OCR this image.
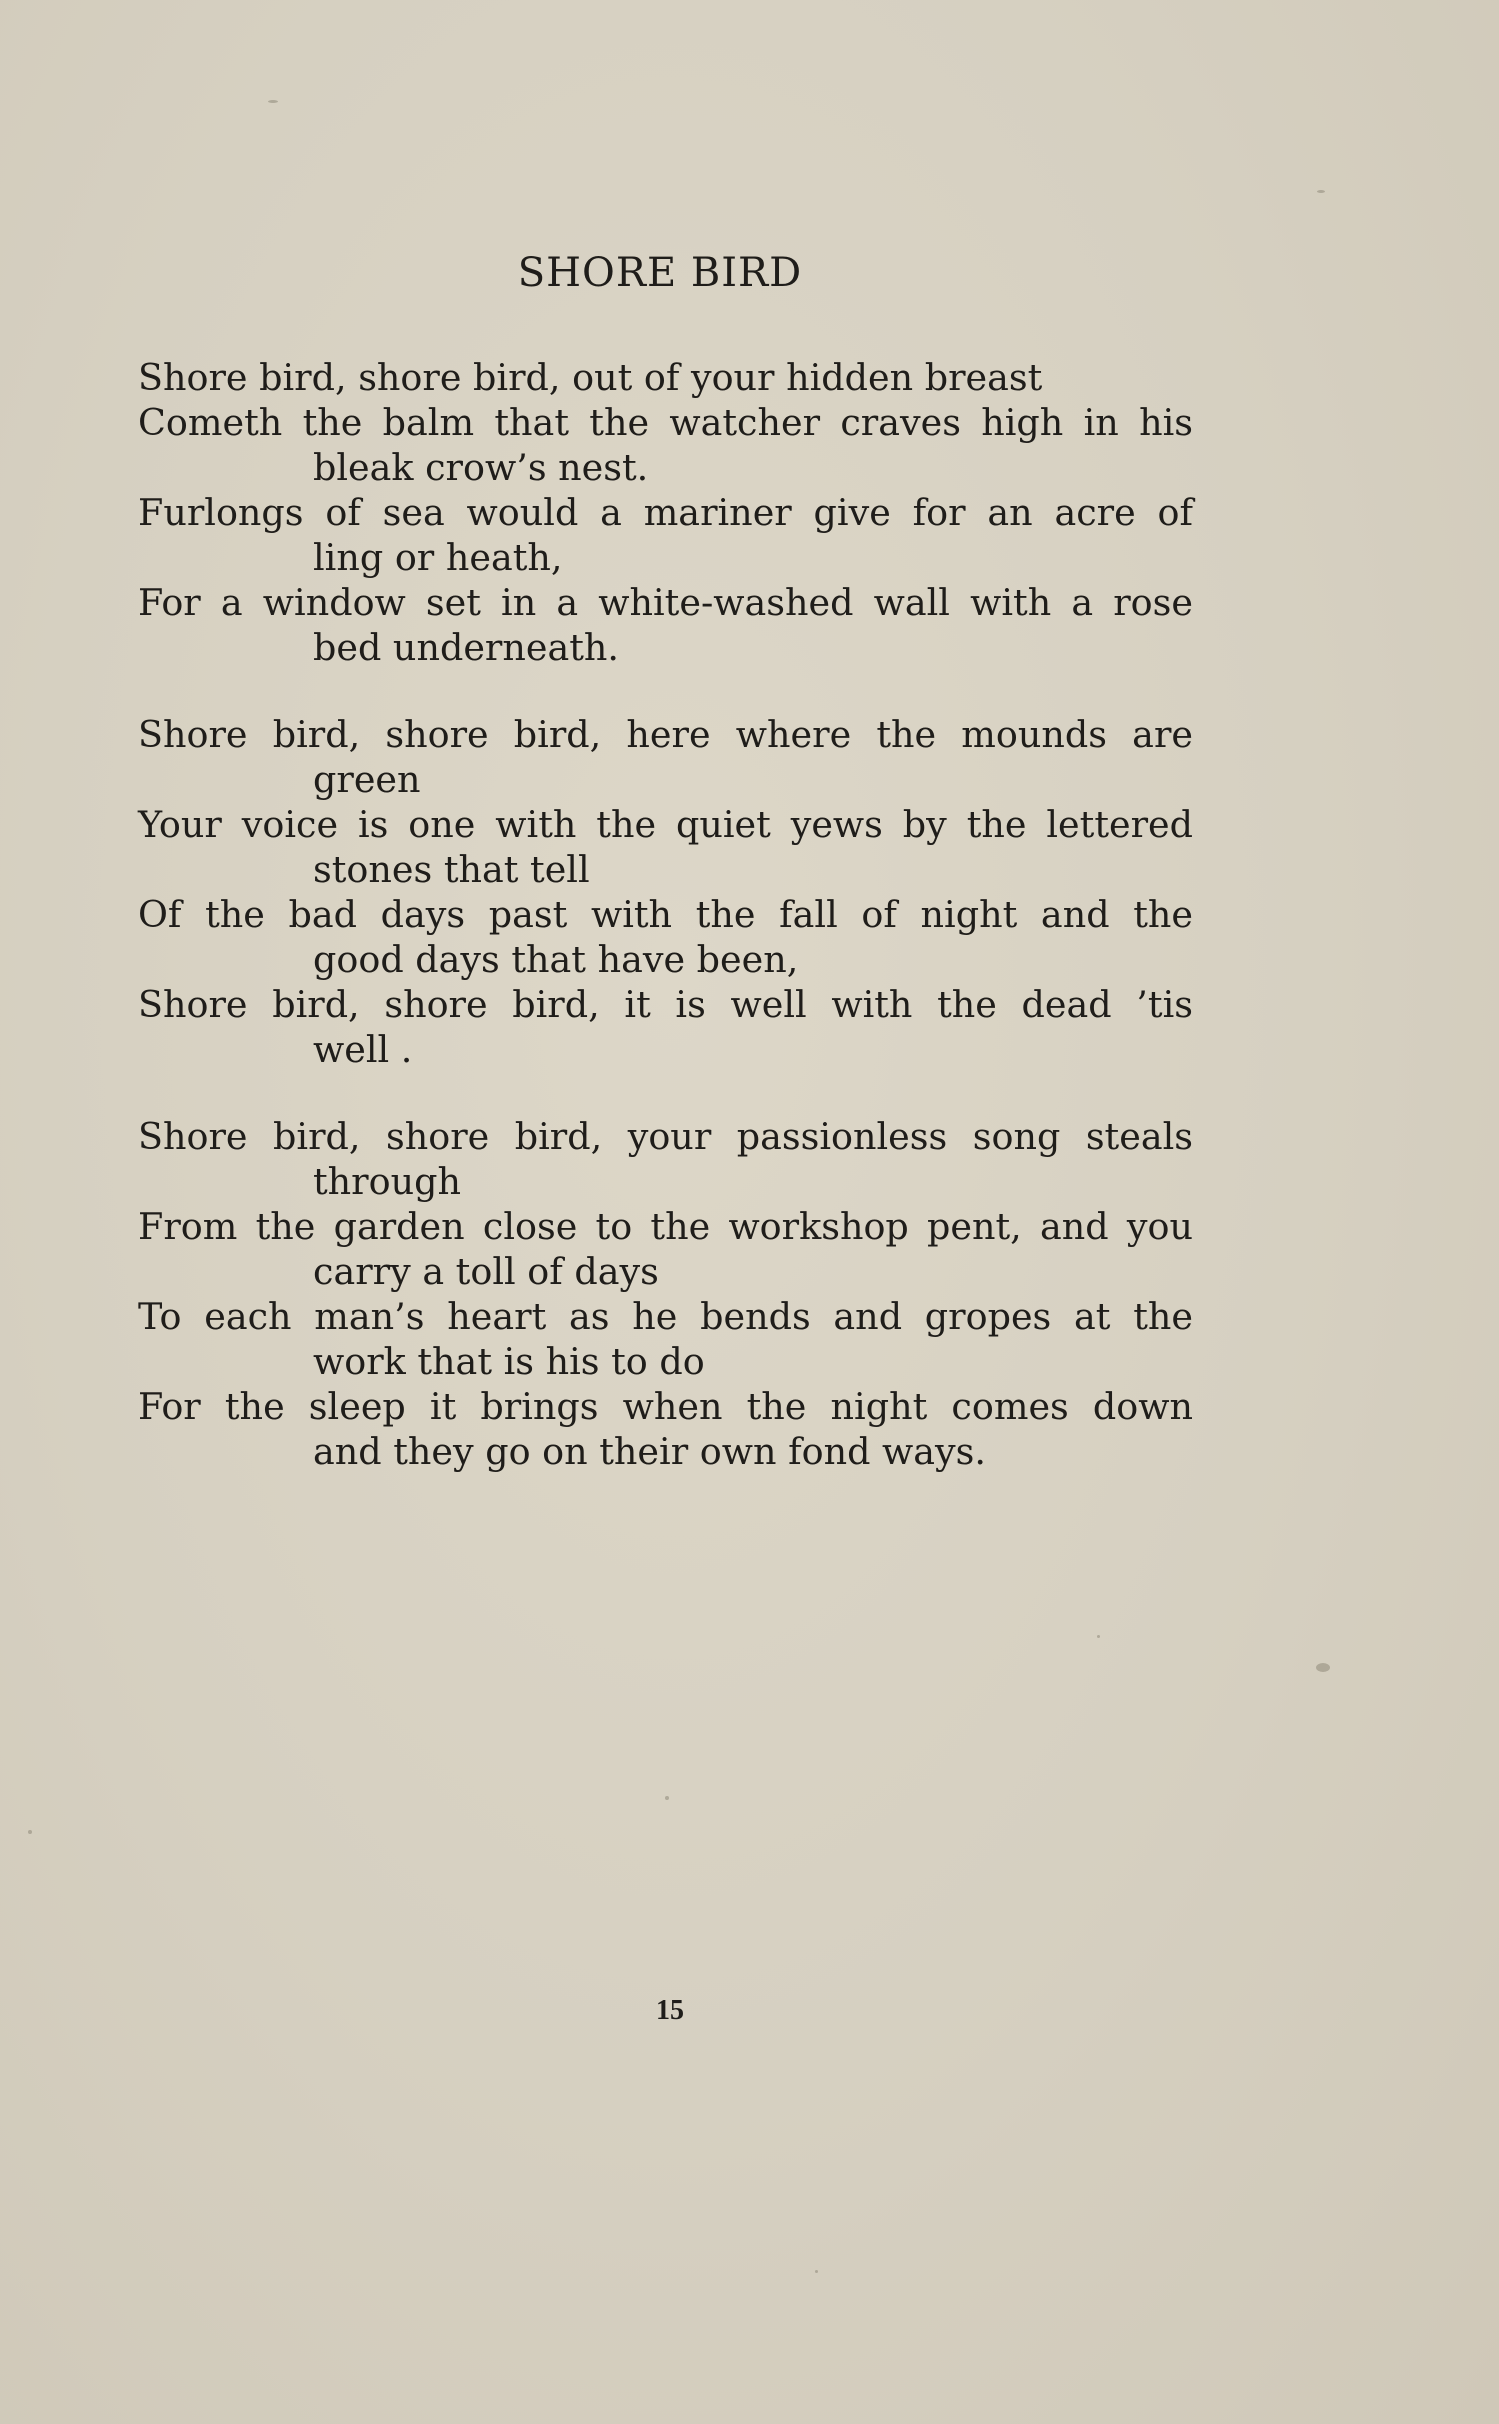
SHORE BIRD
Shore bird, shore bird, out of your hidden breast
Cometh the balm that the watcher craves high in his
bleak crow’s nest.
Furlongs of sea would a mariner give for an acre of
ling or heath,
For a window set in a white-washed wall with a rose
bed underneath.
Shore bird, shore bird, here where the mounds are
green
Your voice is one with the quiet yews by the lettered
stones that tell
Of the bad days past with the fall of night and the
good days that have been,
Shore bird, shore bird, it is well with the dead ’tis
well .
Shore bird, shore bird, your passionless song steals
through
From the garden close to the workshop pent, and you
carry a toll of days
To each man’s heart as he bends and gropes at the
work that is his to do
For the sleep it brings when the night comes down
and they go on their own fond ways.
15
